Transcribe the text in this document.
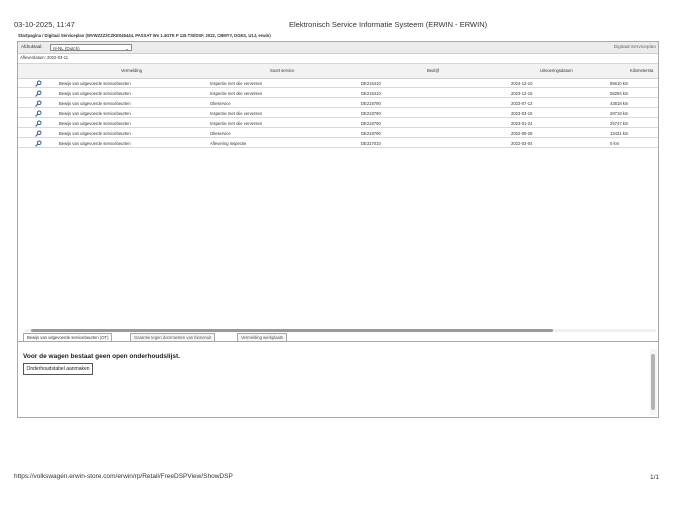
03-10-2025, 11:47	Elektronisch Service Informatie Systeem (ERWIN - ERWIN)
Startpagina / Digitaal Serviceplan (WVWZZZ3CZKE045444, PASSAT Ws 1.4GTE P 115 TSI/DSF, 2022, CBMYY, DGES, U1J, erwin)
Afdruktaal:	nl-NL (Dutch)	⌄	Digitaal Serviceplan
Afleverdatum: 2022-03-11
Vermelding	Soort service	Bedrijf	Uitvoeringsdatum	Kilometersta
Bewijs van uitgevoerde servicebeurten	Inspectie met olie verversen	DE215410	2024-12-10	85610 km
Bewijs van uitgevoerde servicebeurten	Inspectie met olie verversen	DE215410	2023-12-15	58284 km
Bewijs van uitgevoerde servicebeurten	Olieservice	DE218790	2023-07-12	43818 km
Bewijs van uitgevoerde servicebeurten	Inspectie met olie verversen	DE218790	2023-03-15	28718 km
Bewijs van uitgevoerde servicebeurten	Inspectie met olie verversen	DE218790	2023-01-24	25747 km
Bewijs van uitgevoerde servicebeurten	Olieservice	DE218790	2022-09-28	13431 km
Bewijs van uitgevoerde servicebeurten	Aflevering inspectie	DE317010	2022-03-04	0 km
Bewijs van uitgevoerde servicebeurten (OT)	Garantie tegen doorroesten van binnenuit	Vermelding werkplaats
Voor de wagen bestaat geen open onderhoudslijst.
Onderhoudstabel aanmaken
https://volkswagen.erwin-store.com/erwin/rp/Retail/FreeDSPView/ShowDSP	1/1
